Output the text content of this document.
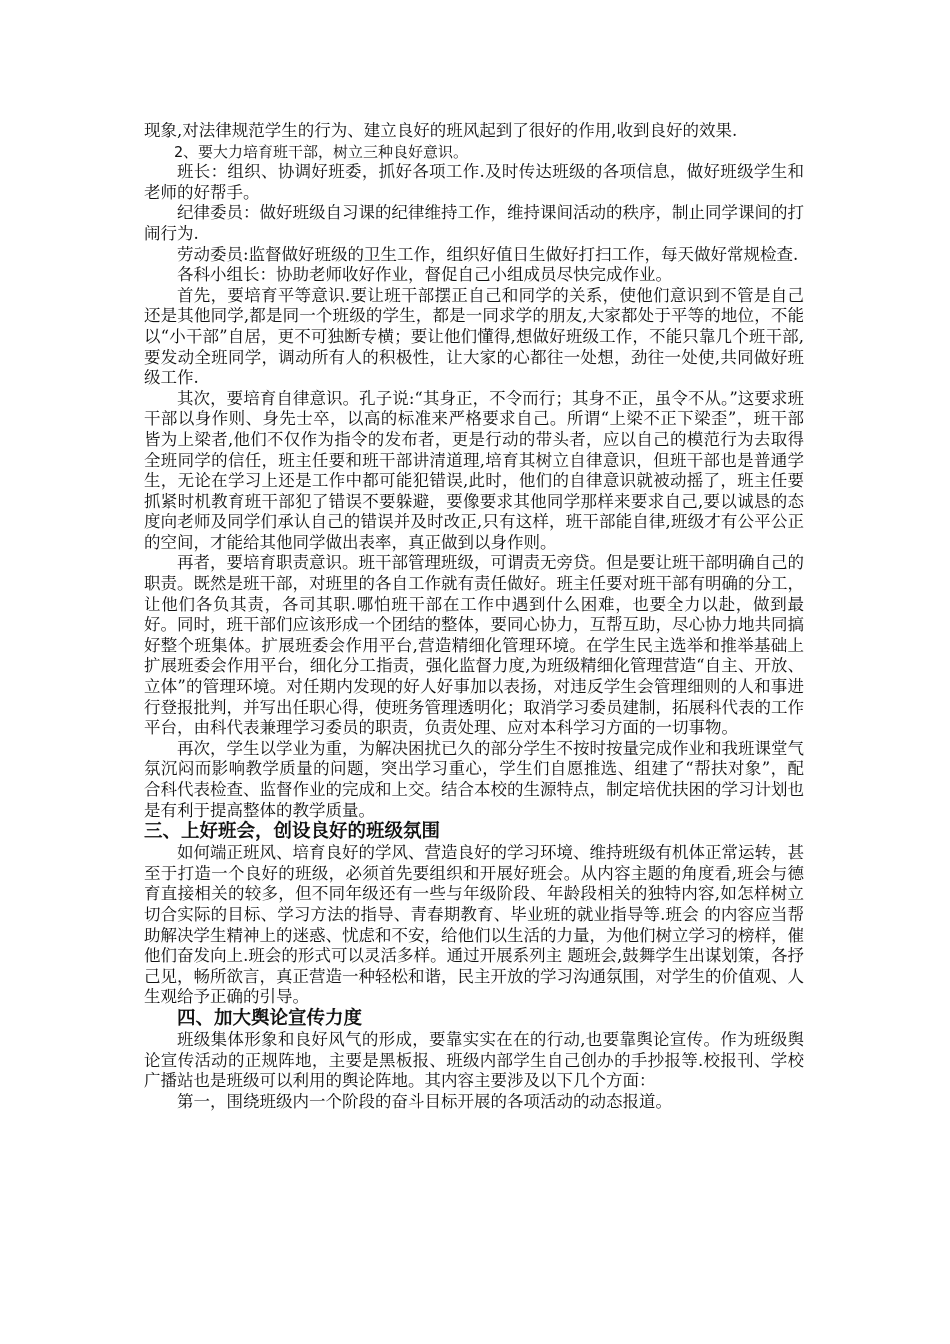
现象,对法律规范学生的行为、建立良好的班风起到了很好的作用,收到良好的效果.

2、要大力培育班干部，树立三种良好意识。

班长：组织、协调好班委，抓好各项工作.及时传达班级的各项信息，做好班级学生和老师的好帮手。

纪律委员：做好班级自习课的纪律维持工作，维持课间活动的秩序，制止同学课间的打闹行为.

劳动委员:监督做好班级的卫生工作，组织好值日生做好打扫工作，每天做好常规检查.

各科小组长：协助老师收好作业，督促自己小组成员尽快完成作业。

首先，要培育平等意识.要让班干部摆正自己和同学的关系，使他们意识到不管是自己还是其他同学,都是同一个班级的学生，都是一同求学的朋友,大家都处于平等的地位，不能以“小干部”自居，更不可独断专横；要让他们懂得,想做好班级工作，不能只靠几个班干部,要发动全班同学，调动所有人的积极性，让大家的心都往一处想，劲往一处使,共同做好班级工作.

其次，要培育自律意识。孔子说:“其身正，不令而行；其身不正，虽令不从。”这要求班干部以身作则、身先士卒，以高的标准来严格要求自己。所谓“上梁不正下梁歪”，班干部皆为上梁者,他们不仅作为指令的发布者，更是行动的带头者，应以自己的模范行为去取得全班同学的信任，班主任要和班干部讲清道理,培育其树立自律意识，但班干部也是普通学生，无论在学习上还是工作中都可能犯错误,此时，他们的自律意识就被动摇了，班主任要抓紧时机教育班干部犯了错误不要躲避，要像要求其他同学那样来要求自己,要以诚恳的态度向老师及同学们承认自己的错误并及时改正,只有这样，班干部能自律,班级才有公平公正的空间，才能给其他同学做出表率，真正做到以身作则。

再者，要培育职责意识。班干部管理班级，可谓责无旁贷。但是要让班干部明确自己的职责。既然是班干部，对班里的各自工作就有责任做好。班主任要对班干部有明确的分工，让他们各负其责，各司其职.哪怕班干部在工作中遇到什么困难，也要全力以赴，做到最好。同时，班干部们应该形成一个团结的整体，要同心协力，互帮互助，尽心协力地共同搞好整个班集体。扩展班委会作用平台,营造精细化管理环境。在学生民主选举和推举基础上扩展班委会作用平台，细化分工指责，强化监督力度,为班级精细化管理营造“自主、开放、立体”的管理环境。对任期内发现的好人好事加以表扬，对违反学生会管理细则的人和事进行登报批判，并写出任职心得，使班务管理透明化；取消学习委员建制，拓展科代表的工作平台，由科代表兼理学习委员的职责，负责处理、应对本科学习方面的一切事物。

再次，学生以学业为重，为解决困扰已久的部分学生不按时按量完成作业和我班课堂气氛沉闷而影响教学质量的问题，突出学习重心，学生们自愿推选、组建了“帮扶对象”，配合科代表检查、监督作业的完成和上交。结合本校的生源特点，制定培优扶困的学习计划也是有利于提高整体的教学质量。

三、上好班会，创设良好的班级氛围

如何端正班风、培育良好的学风、营造良好的学习环境、维持班级有机体正常运转，甚至于打造一个良好的班级，必须首先要组织和开展好班会。从内容主题的角度看,班会与德育直接相关的较多，但不同年级还有一些与年级阶段、年龄段相关的独特内容,如怎样树立切合实际的目标、学习方法的指导、青春期教育、毕业班的就业指导等.班会 的内容应当帮助解决学生精神上的迷惑、忧虑和不安，给他们以生活的力量，为他们树立学习的榜样，催他们奋发向上.班会的形式可以灵活多样。通过开展系列主 题班会,鼓舞学生出谋划策，各抒己见，畅所欲言，真正营造一种轻松和谐，民主开放的学习沟通氛围，对学生的价值观、人生观给予正确的引导。

四、加大舆论宣传力度

班级集体形象和良好风气的形成，要靠实实在在的行动,也要靠舆论宣传。作为班级舆论宣传活动的正规阵地，主要是黑板报、班级内部学生自己创办的手抄报等.校报刊、学校广播站也是班级可以利用的舆论阵地。其内容主要涉及以下几个方面：

第一，围绕班级内一个阶段的奋斗目标开展的各项活动的动态报道。
